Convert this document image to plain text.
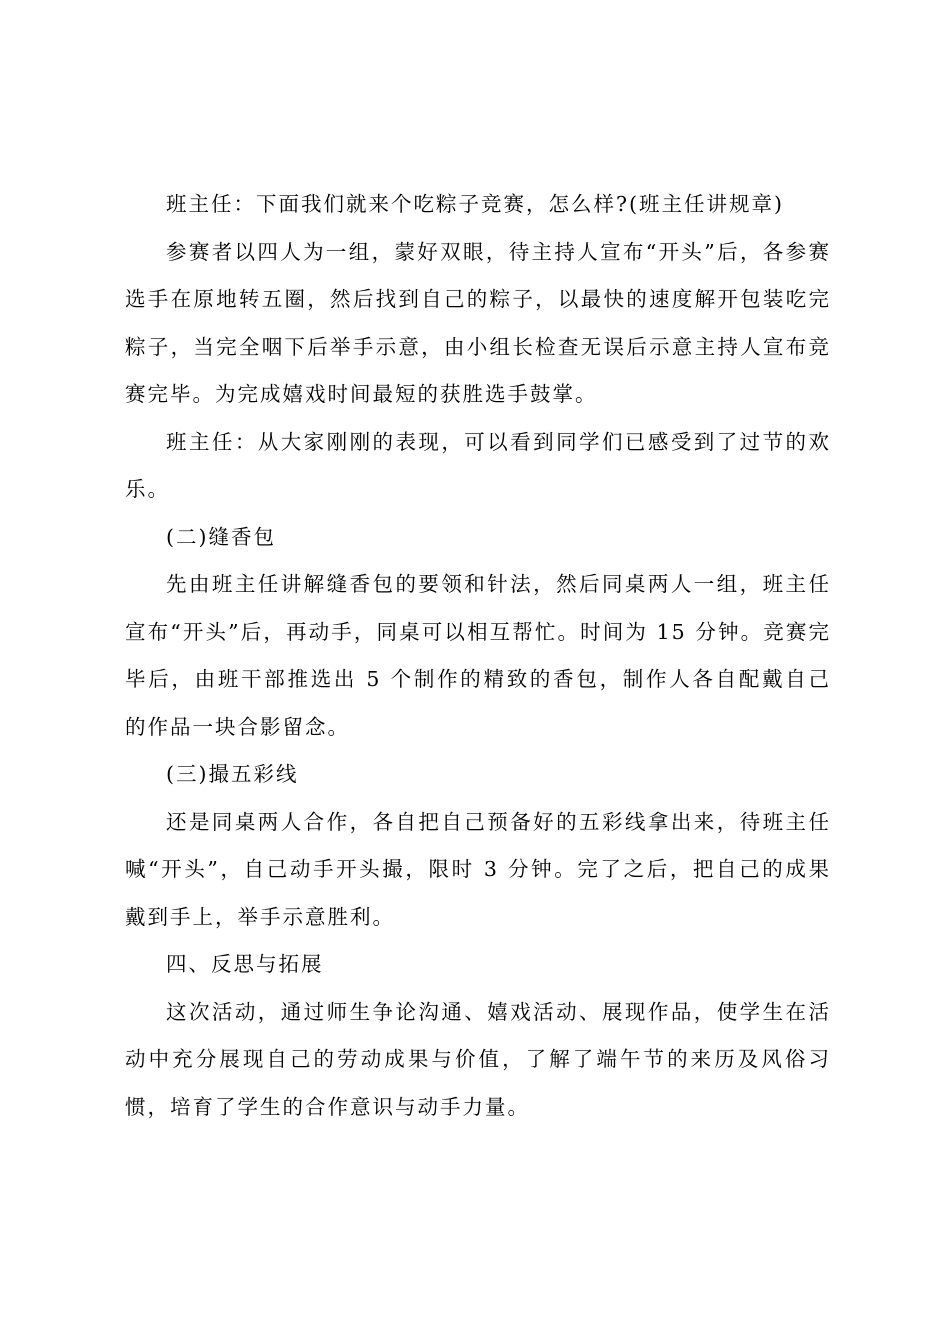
班主任：下面我们就来个吃粽子竞赛，怎么样?(班主任讲规章)

参赛者以四人为一组，蒙好双眼，待主持人宣布“开头”后，各参赛选手在原地转五圈，然后找到自己的粽子，以最快的速度解开包装吃完粽子，当完全咽下后举手示意，由小组长检查无误后示意主持人宣布竞赛完毕。为完成嬉戏时间最短的获胜选手鼓掌。

班主任：从大家刚刚的表现，可以看到同学们已感受到了过节的欢乐。

(二)缝香包

先由班主任讲解缝香包的要领和针法，然后同桌两人一组，班主任宣布“开头”后，再动手，同桌可以相互帮忙。时间为 15 分钟。竞赛完毕后，由班干部推选出 5 个制作的精致的香包，制作人各自配戴自己的作品一块合影留念。

(三)撮五彩线

还是同桌两人合作，各自把自己预备好的五彩线拿出来，待班主任喊“开头”，自己动手开头撮，限时 3 分钟。完了之后，把自己的成果戴到手上，举手示意胜利。

四、反思与拓展

这次活动，通过师生争论沟通、嬉戏活动、展现作品，使学生在活动中充分展现自己的劳动成果与价值，了解了端午节的来历及风俗习惯，培育了学生的合作意识与动手力量。
